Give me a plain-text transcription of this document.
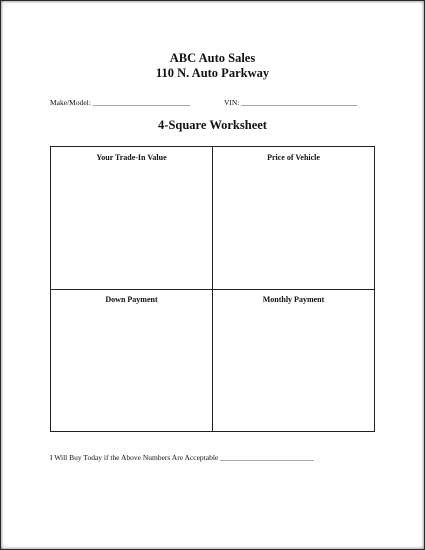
ABC Auto Sales
110 N. Auto Parkway
Make/Model: __________________________	VIN: _______________________________
4-Square Worksheet
Your Trade-In Value	Price of Vehicle
Down Payment	Monthly Payment
I Will Buy Today if the Above Numbers Are Acceptable _________________________
